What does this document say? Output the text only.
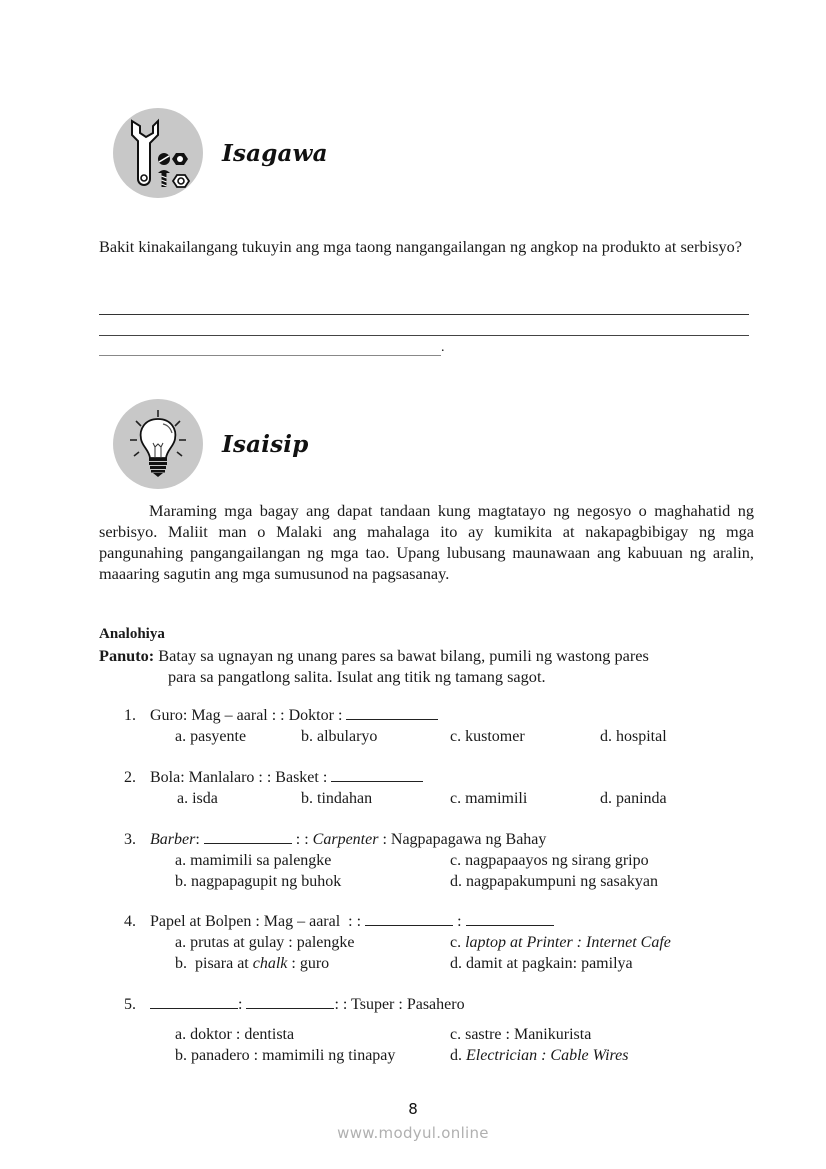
Isagawa
Bakit kinakailangang tukuyin ang mga taong nangangailangan ng angkop na produkto at serbisyo?
.
Isaisip
Maraming mga bagay ang dapat tandaan kung magtatayo ng negosyo o maghahatid ng serbisyo. Maliit man o Malaki ang mahalaga ito ay kumikita at nakapagbibigay ng mga pangunahing pangangailangan ng mga tao. Upang lubusang maunawaan ang kabuuan ng aralin, maaaring sagutin ang mga sumusunod na pagsasanay.
Analohiya
Panuto: Batay sa ugnayan ng unang pares sa bawat bilang, pumili ng wastong pares
para sa pangatlong salita. Isulat ang titik ng tamang sagot.
1. Guro: Mag – aaral : : Doktor :
a. pasyente	b. albularyo	c. kustomer	d. hospital
2. Bola: Manlalaro : : Basket :
a. isda	b. tindahan	c. mamimili	d. paninda
3. Barber:	: : Carpenter : Nagpapagawa ng Bahay
a. mamimili sa palengke	c. nagpapaayos ng sirang gripo
b. nagpapagupit ng buhok	d. nagpapakumpuni ng sasakyan
4. Papel at Bolpen : Mag – aaral  : :	:
a. prutas at gulay : palengke	c. laptop at Printer : Internet Cafe
b.  pisara at chalk : guro	d. damit at pagkain: pamilya
5.	:	: : Tsuper : Pasahero
a. doktor : dentista	c. sastre : Manikurista
b. panadero : mamimili ng tinapay	d. Electrician : Cable Wires
8
www.modyul.online
